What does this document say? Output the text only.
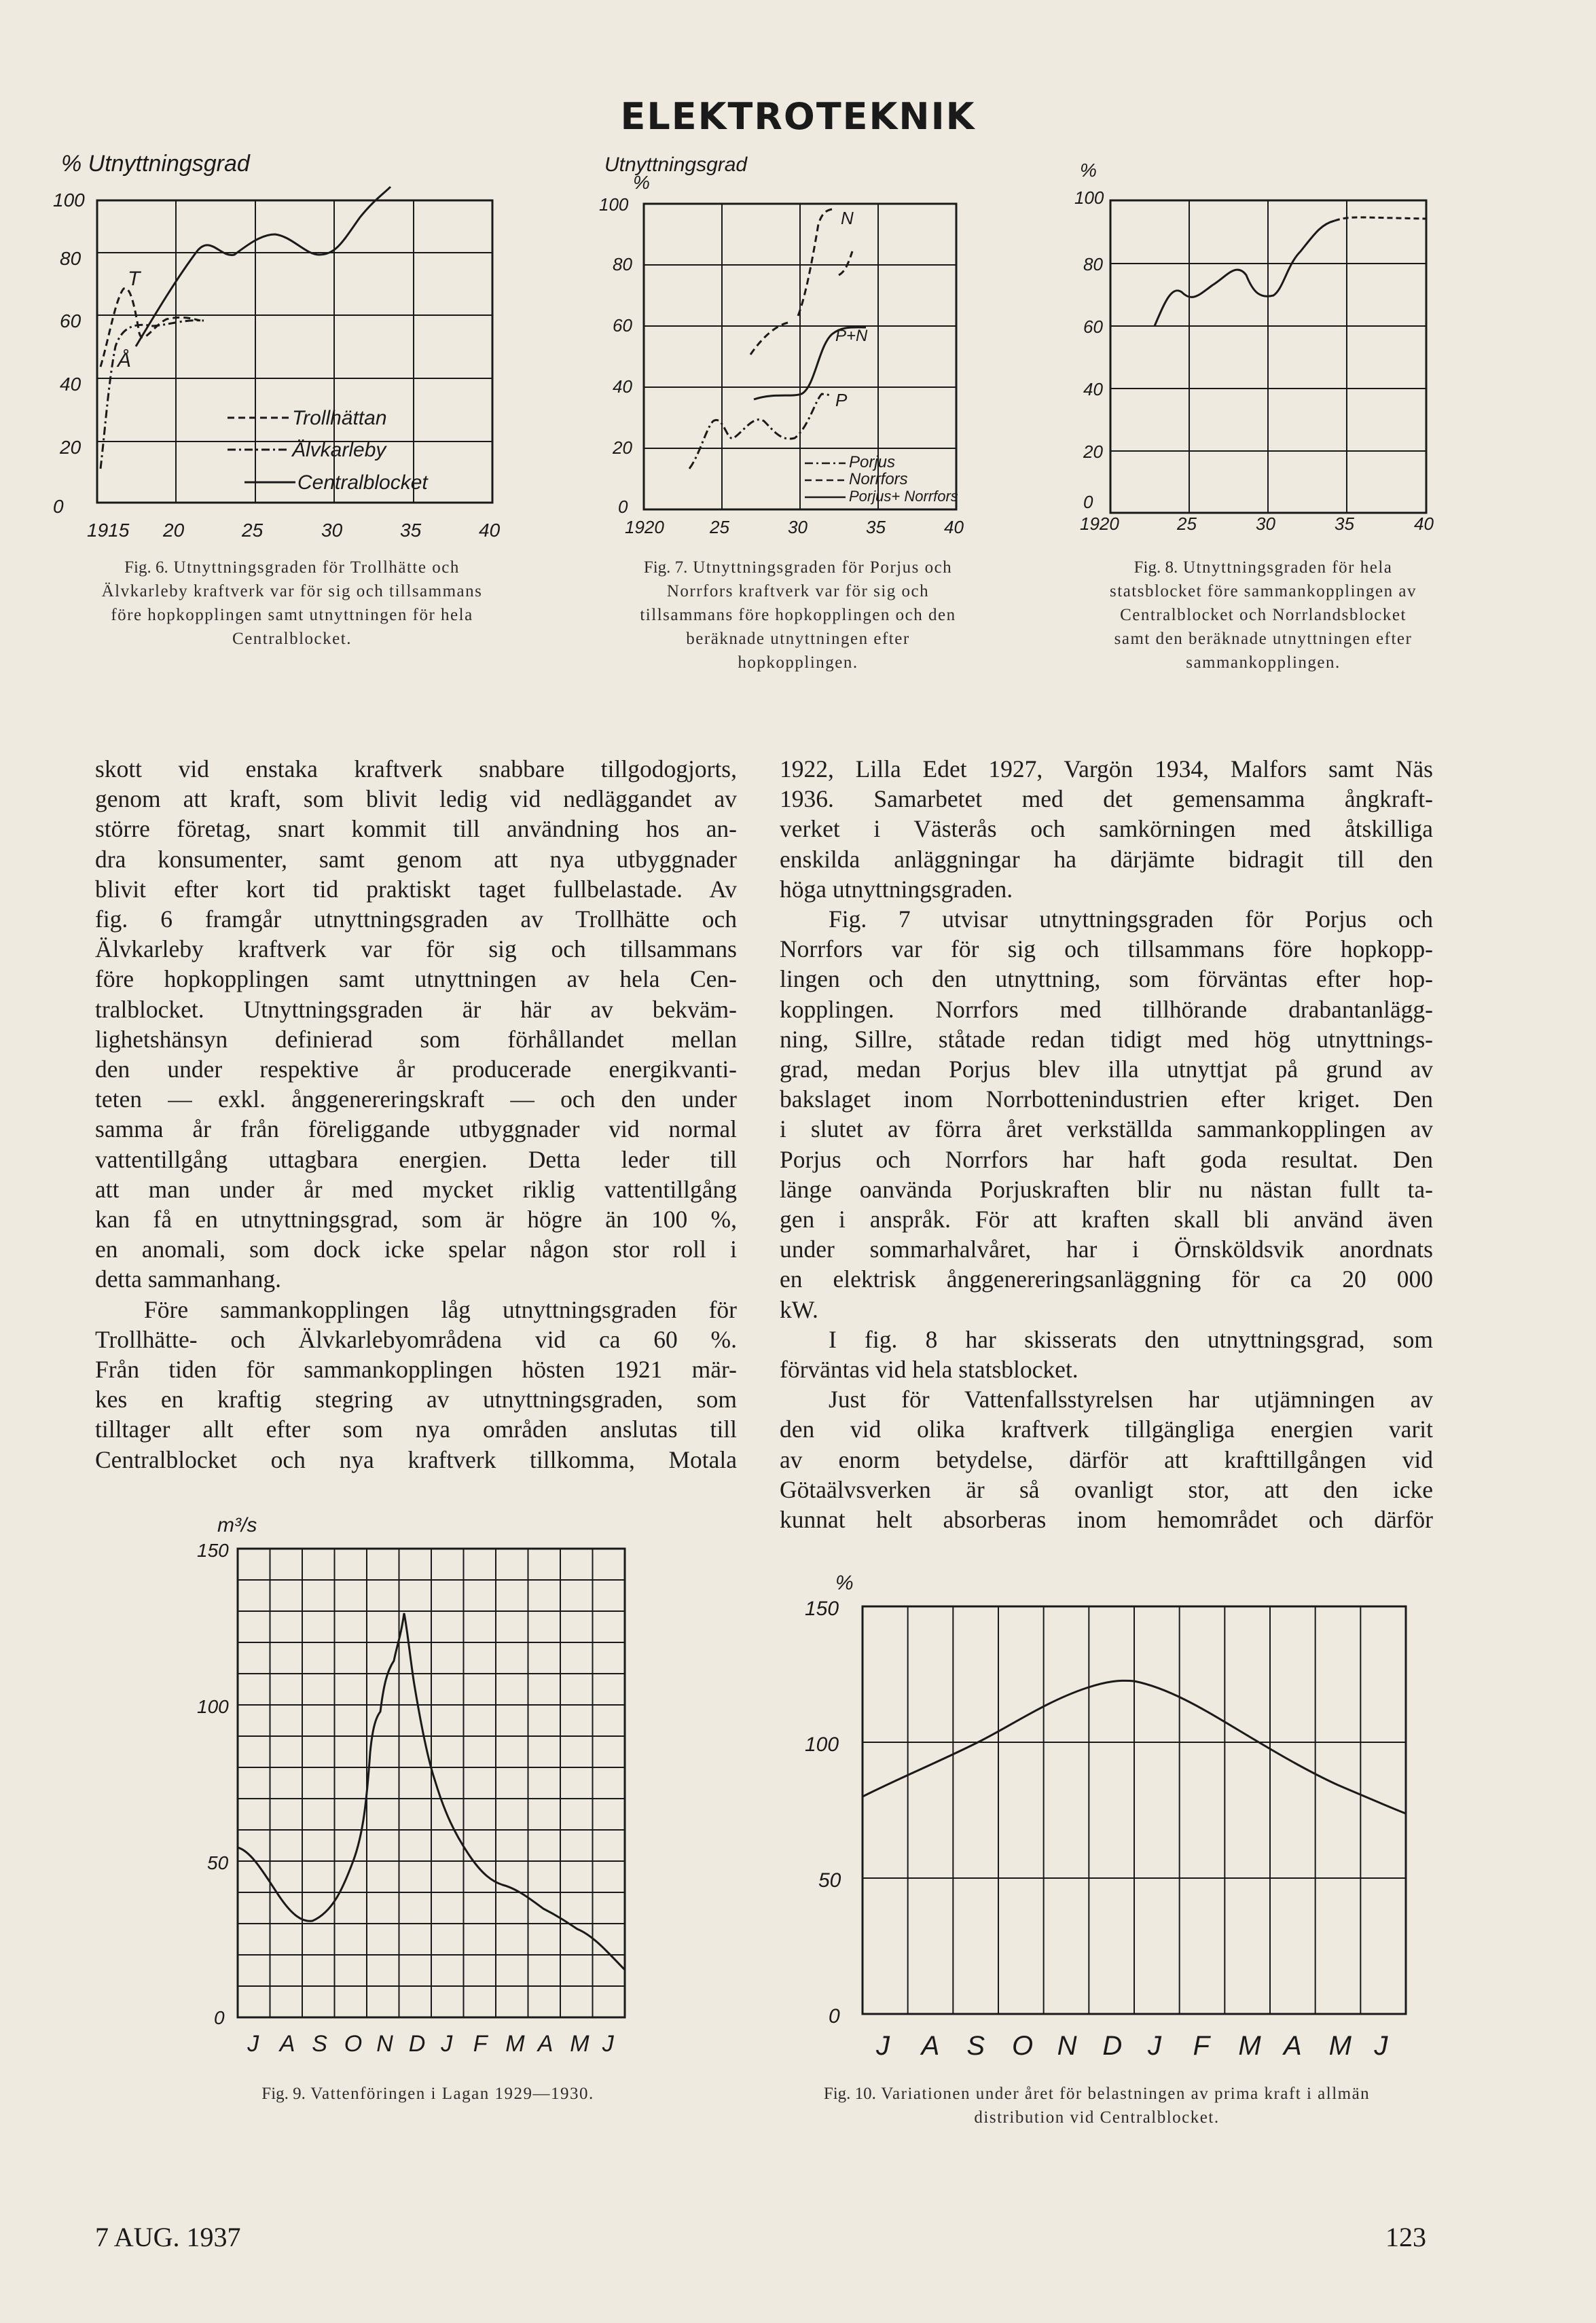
ELEKTROTEKNIK
% Utnyttningsgrad
100
80
60
40
20
0
1915 20	25	30	35	40
T
Å
Trollhättan
Älvkarleby
Centralblocket
Fig. 6. Utnyttningsgraden för Trollhätte och Älvkarleby kraftverk var för sig och tillsammans före hopkopplingen samt utnyttningen för hela Centralblocket.
Utnyttningsgrad
%
100
80
60
40
20
0
1920	25	30	35	40
N
P+N
P
Porjus
Norrfors
Porjus+ Norrfors
Fig. 7. Utnyttningsgraden för Porjus och Norrfors kraftverk var för sig och tillsammans före hopkopplingen och den beräknade utnyttningen efter hopkopplingen.
%
100
80
60
40
20
0
1920	25	30	35	40
Fig. 8. Utnyttningsgraden för hela statsblocket före sammankopplingen av Centralblocket och Norrlandsblocket samt den beräknade utnyttningen efter sammankopplingen.
skott vid enstaka kraftverk snabbare tillgodogjorts,
genom att kraft, som blivit ledig vid nedläggandet av
större företag, snart kommit till användning hos an-
dra konsumenter, samt genom att nya utbyggnader
blivit efter kort tid praktiskt taget fullbelastade. Av
fig. 6 framgår utnyttningsgraden av Trollhätte och
Älvkarleby kraftverk var för sig och tillsammans
före hopkopplingen samt utnyttningen av hela Cen-
tralblocket. Utnyttningsgraden är här av bekväm-
lighetshänsyn definierad som förhållandet mellan
den under respektive år producerade energikvanti-
teten — exkl. ånggenereringskraft — och den under
samma år från föreliggande utbyggnader vid normal
vattentillgång uttagbara energien. Detta leder till
att man under år med mycket riklig vattentillgång
kan få en utnyttningsgrad, som är högre än 100 %,
en anomali, som dock icke spelar någon stor roll i
detta sammanhang.
Före sammankopplingen låg utnyttningsgraden för
Trollhätte- och Älvkarlebyområdena vid ca 60 %.
Från tiden för sammankopplingen hösten 1921 mär-
kes en kraftig stegring av utnyttningsgraden, som
tilltager allt efter som nya områden anslutas till
Centralblocket och nya kraftverk tillkomma, Motala
1922, Lilla Edet 1927, Vargön 1934, Malfors samt Näs
1936. Samarbetet med det gemensamma ångkraft-
verket i Västerås och samkörningen med åtskilliga
enskilda anläggningar ha därjämte bidragit till den
höga utnyttningsgraden.
Fig. 7 utvisar utnyttningsgraden för Porjus och
Norrfors var för sig och tillsammans före hopkopp-
lingen och den utnyttning, som förväntas efter hop-
kopplingen. Norrfors med tillhörande drabantanlägg-
ning, Sillre, ståtade redan tidigt med hög utnyttnings-
grad, medan Porjus blev illa utnyttjat på grund av
bakslaget inom Norrbottenindustrien efter kriget. Den
i slutet av förra året verkställda sammankopplingen av
Porjus och Norrfors har haft goda resultat. Den
länge oanvända Porjuskraften blir nu nästan fullt ta-
gen i anspråk. För att kraften skall bli använd även
under sommarhalvåret, har i Örnsköldsvik anordnats
en elektrisk ånggenereringsanläggning för ca 20 000
kW.
I fig. 8 har skisserats den utnyttningsgrad, som
förväntas vid hela statsblocket.
Just för Vattenfallsstyrelsen har utjämningen av
den vid olika kraftverk tillgängliga energien varit
av enorm betydelse, därför att krafttillgången vid
Götaälvsverken är så ovanligt stor, att den icke
kunnat helt absorberas inom hemområdet och därför
m³/s
150
100
50
0
J A S O N D J F M A M J
Fig. 9. Vattenföringen i Lagan 1929—1930.
%
150
100
50
0
J A S O N D J F M A M J
Fig. 10. Variationen under året för belastningen av prima kraft i allmän distribution vid Centralblocket.
7 AUG. 1937	123
